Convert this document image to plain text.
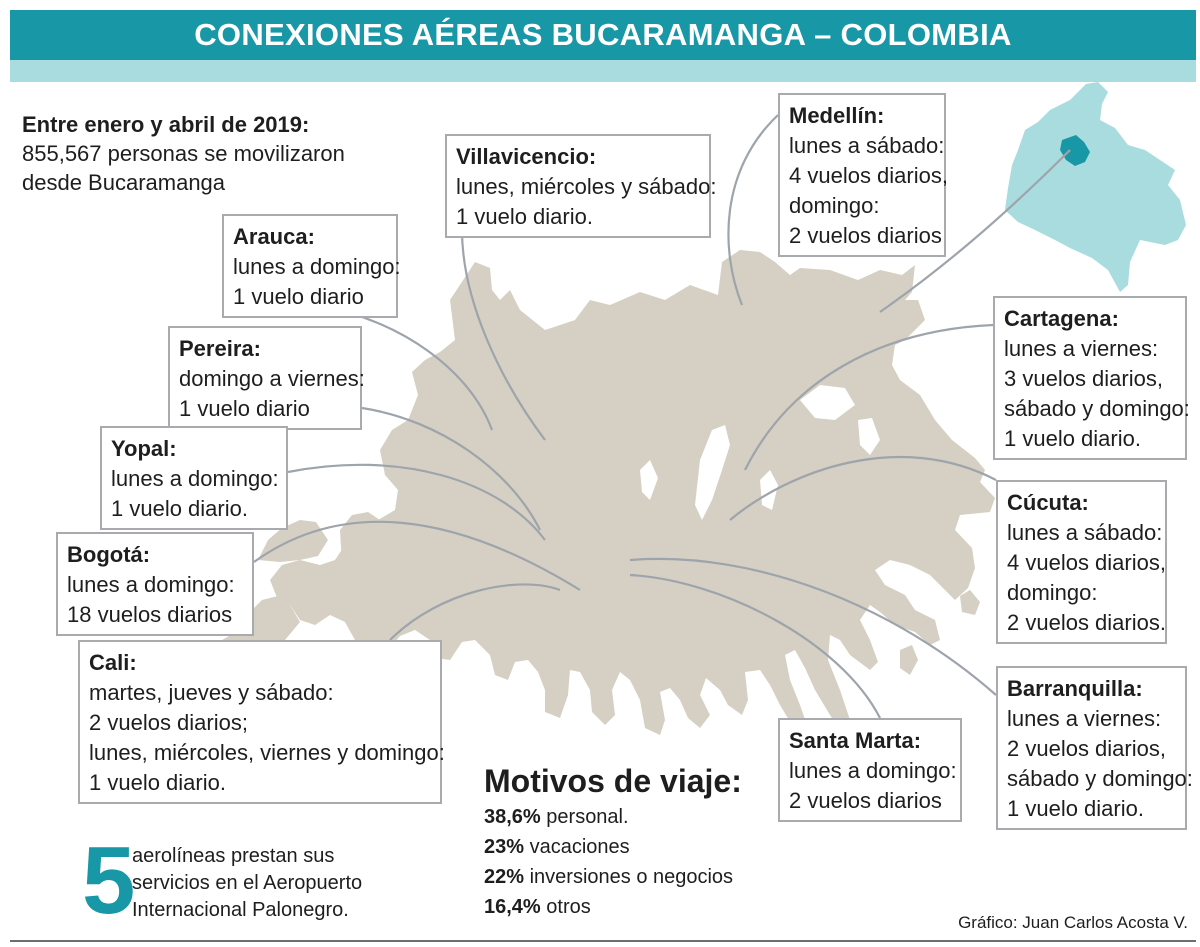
CONEXIONES AÉREAS BUCARAMANGA – COLOMBIA
Entre enero y abril de 2019:
855,567 personas se movilizaron
desde Bucaramanga
Villavicencio:
lunes, miércoles y sábado:
1 vuelo diario.
Medellín:
lunes a sábado:
4 vuelos diarios,
domingo:
2 vuelos diarios
Arauca:
lunes a domingo:
1 vuelo diario
Pereira:
domingo a viernes:
1 vuelo diario
Yopal:
lunes a domingo:
1 vuelo diario.
Bogotá:
lunes a domingo:
18 vuelos diarios
Cali:
martes, jueves y sábado:
2 vuelos diarios;
lunes, miércoles, viernes y domingo:
1 vuelo diario.
Cartagena:
lunes a viernes:
3 vuelos diarios,
sábado y domingo:
1 vuelo diario.
Cúcuta:
lunes a sábado:
4 vuelos diarios,
domingo:
2 vuelos diarios.
Barranquilla:
lunes a viernes:
2 vuelos diarios,
sábado y domingo:
1 vuelo diario.
Santa Marta:
lunes a domingo:
2 vuelos diarios
5
aerolíneas prestan sus
servicios en el Aeropuerto
Internacional Palonegro.
Motivos de viaje:
38,6% personal.
23% vacaciones
22% inversiones o negocios
16,4% otros
Gráfico: Juan Carlos Acosta V.
